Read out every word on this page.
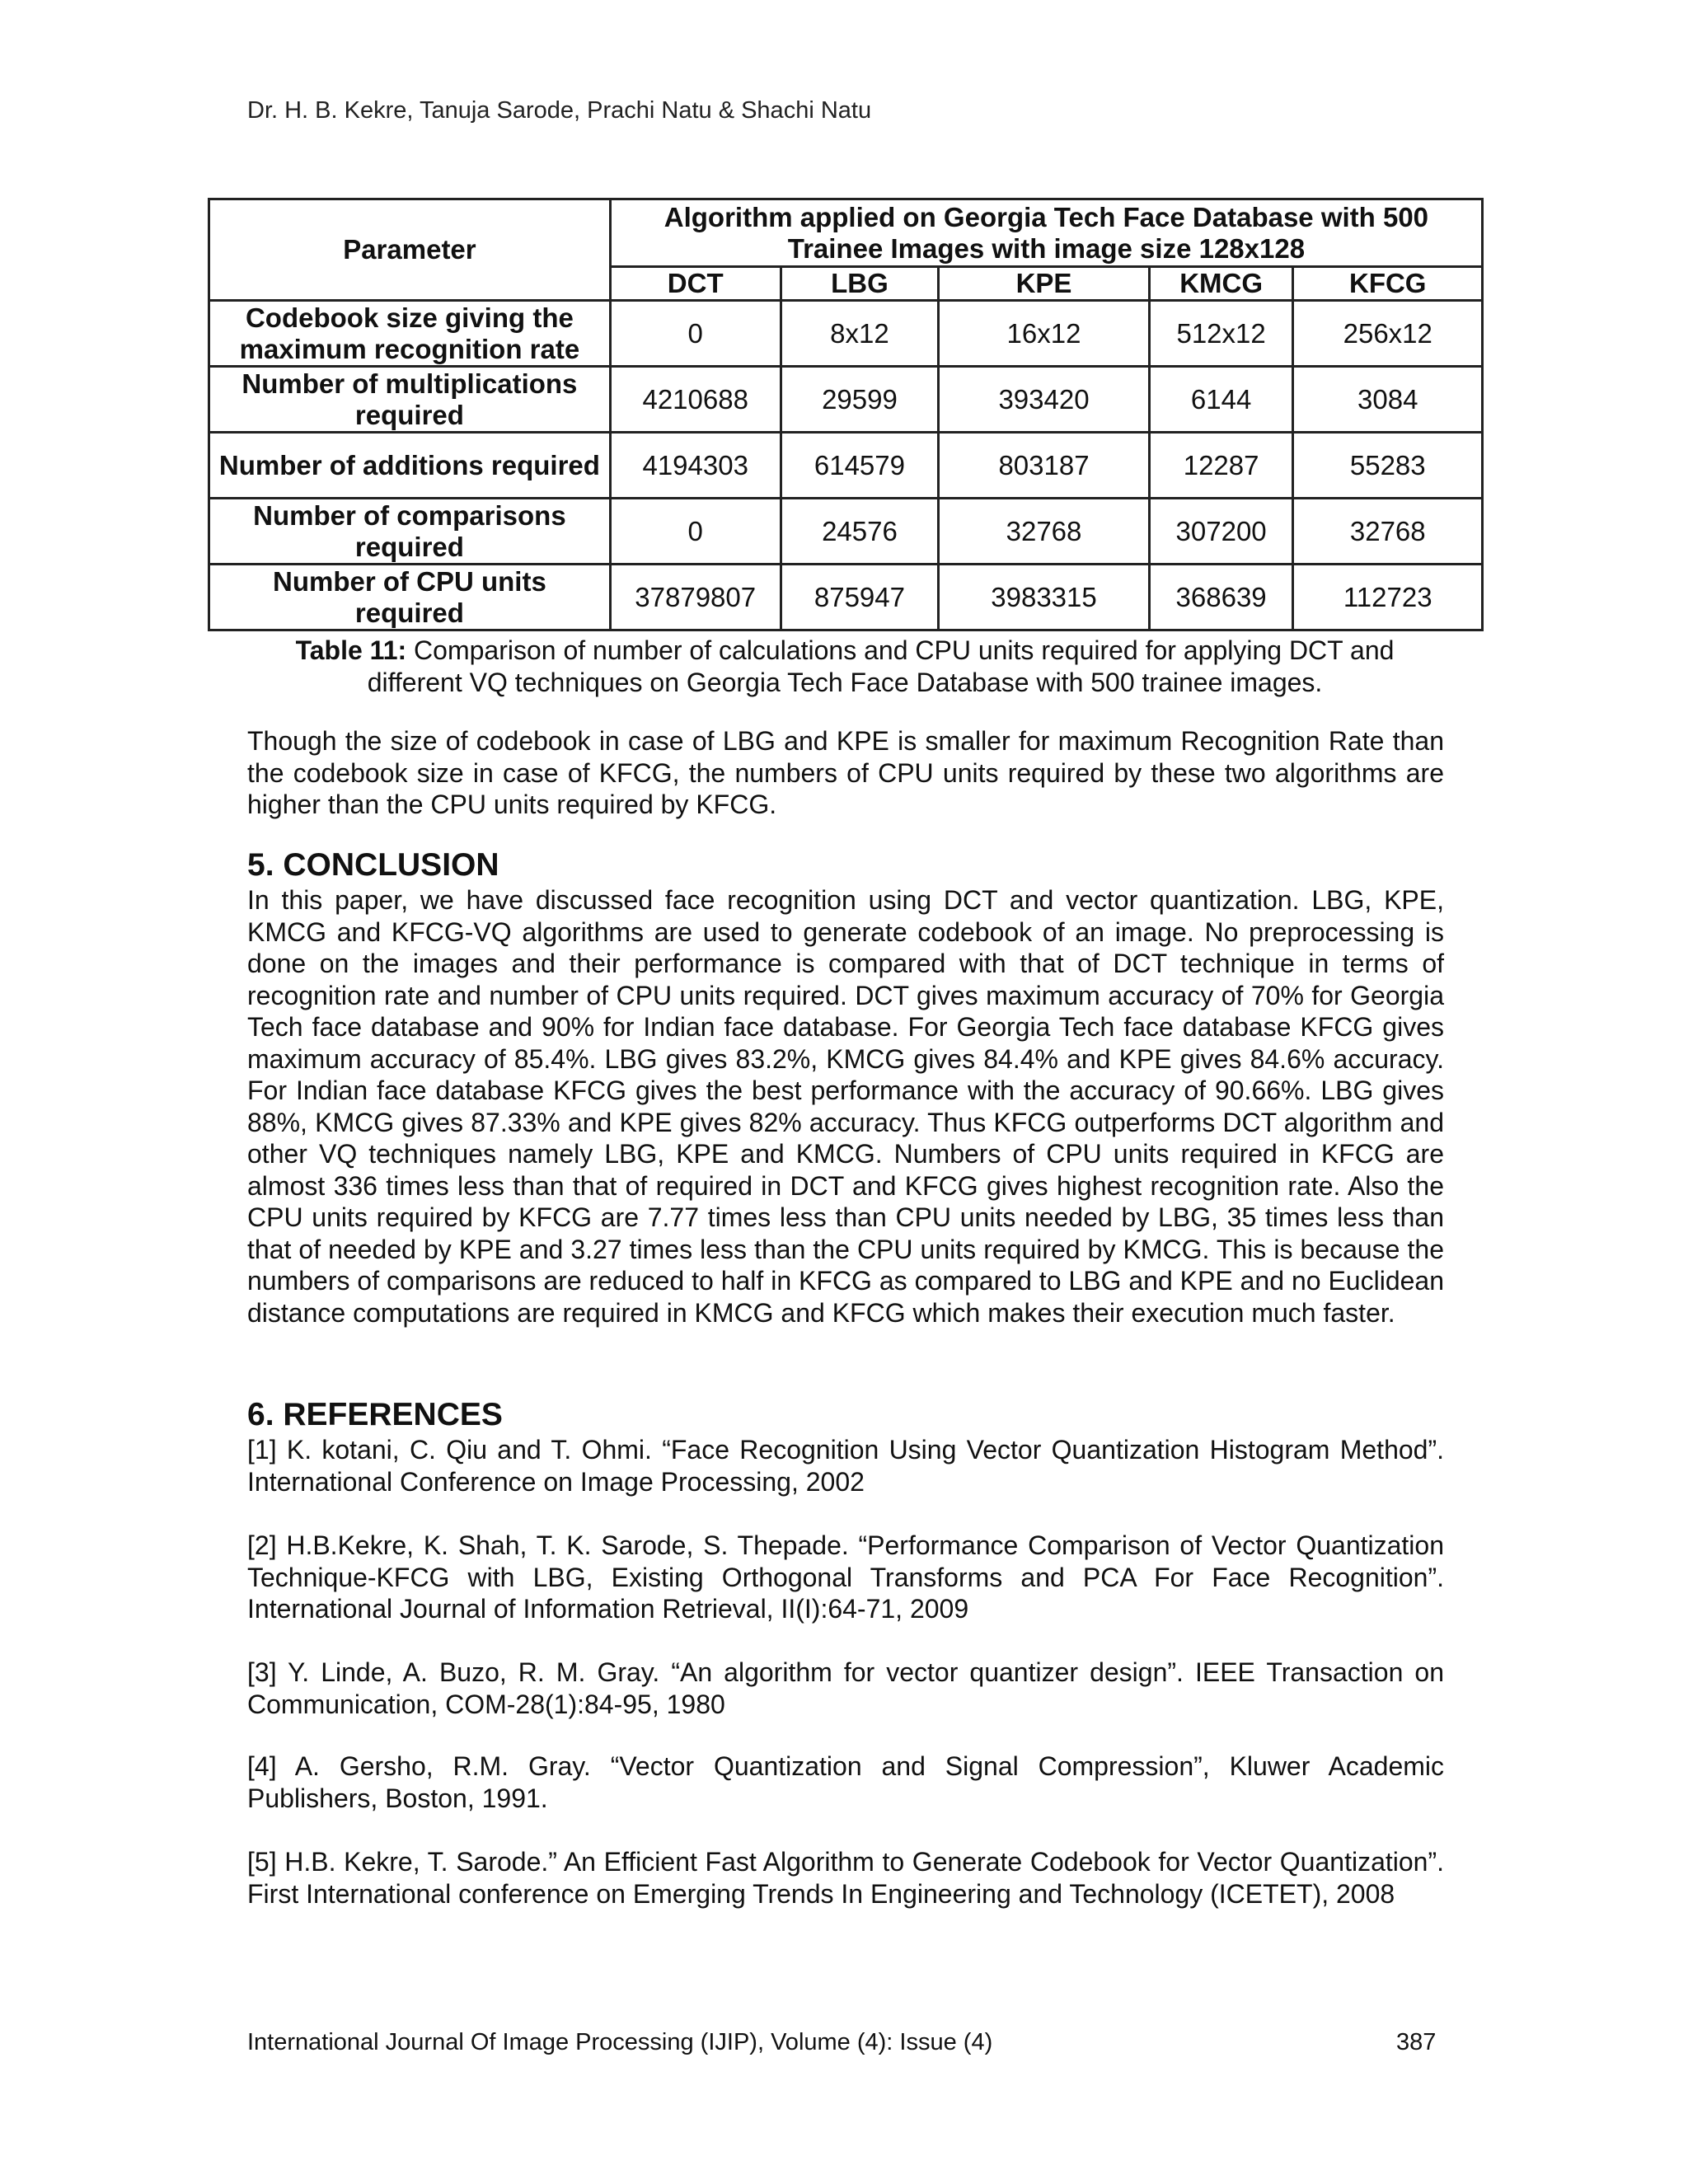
Dr. H. B. Kekre, Tanuja Sarode, Prachi Natu & Shachi Natu
Parameter	Algorithm applied on Georgia Tech Face Database with 500 Trainee Images with image size 128x128				
	DCT	LBG	KPE	KMCG	KFCG
Codebook size giving the maximum recognition rate	0	8x12	16x12	512x12	256x12
Number of multiplications required	4210688	29599	393420	6144	3084
Number of additions required	4194303	614579	803187	12287	55283
Number of comparisons required	0	24576	32768	307200	32768
Number of CPU units required	37879807	875947	3983315	368639	112723
Table 11: Comparison of number of calculations and CPU units required for applying DCT and different VQ techniques on Georgia Tech Face Database with 500 trainee images.
Though the size of codebook in case of LBG and KPE is smaller for maximum Recognition Rate than the codebook size in case of KFCG, the numbers of CPU units required by these two algorithms are higher than the CPU units required by KFCG.
5. CONCLUSION
In this paper, we have discussed face recognition using DCT and vector quantization. LBG, KPE, KMCG and KFCG-VQ algorithms are used to generate codebook of an image. No preprocessing is done on the images and their performance is compared with that of DCT technique in terms of recognition rate and number of CPU units required. DCT gives maximum accuracy of 70% for Georgia Tech face database and 90% for Indian face database. For Georgia Tech face database KFCG gives maximum accuracy of 85.4%. LBG gives 83.2%, KMCG gives 84.4% and KPE gives 84.6% accuracy. For Indian face database KFCG gives the best performance with the accuracy of 90.66%. LBG gives 88%, KMCG gives 87.33% and KPE gives 82% accuracy. Thus KFCG outperforms DCT algorithm and other VQ techniques namely LBG, KPE and KMCG. Numbers of CPU units required in KFCG are almost 336 times less than that of required in DCT and KFCG gives highest recognition rate. Also the CPU units required by KFCG are 7.77 times less than CPU units needed by LBG, 35 times less than that of needed by KPE and 3.27 times less than the CPU units required by KMCG. This is because the numbers of comparisons are reduced to half in KFCG as compared to LBG and KPE and no Euclidean distance computations are required in KMCG and KFCG which makes their execution much faster.
6. REFERENCES
[1] K. kotani, C. Qiu and T. Ohmi. “Face Recognition Using Vector Quantization Histogram Method”. International Conference on Image Processing, 2002
[2] H.B.Kekre, K. Shah, T. K. Sarode, S. Thepade. “Performance Comparison of Vector Quantization Technique-KFCG with LBG, Existing Orthogonal Transforms and PCA For Face Recognition”. International Journal of Information Retrieval, II(I):64-71, 2009
[3] Y. Linde, A. Buzo, R. M. Gray. “An algorithm for vector quantizer design”. IEEE Transaction on Communication, COM-28(1):84-95, 1980
[4] A. Gersho, R.M. Gray. “Vector Quantization and Signal Compression”, Kluwer Academic Publishers, Boston, 1991.
[5] H.B. Kekre, T. Sarode.” An Efficient Fast Algorithm to Generate Codebook for Vector Quantization”. First International conference on Emerging Trends In Engineering and Technology (ICETET), 2008
International Journal Of Image Processing (IJIP), Volume (4): Issue (4)	387
